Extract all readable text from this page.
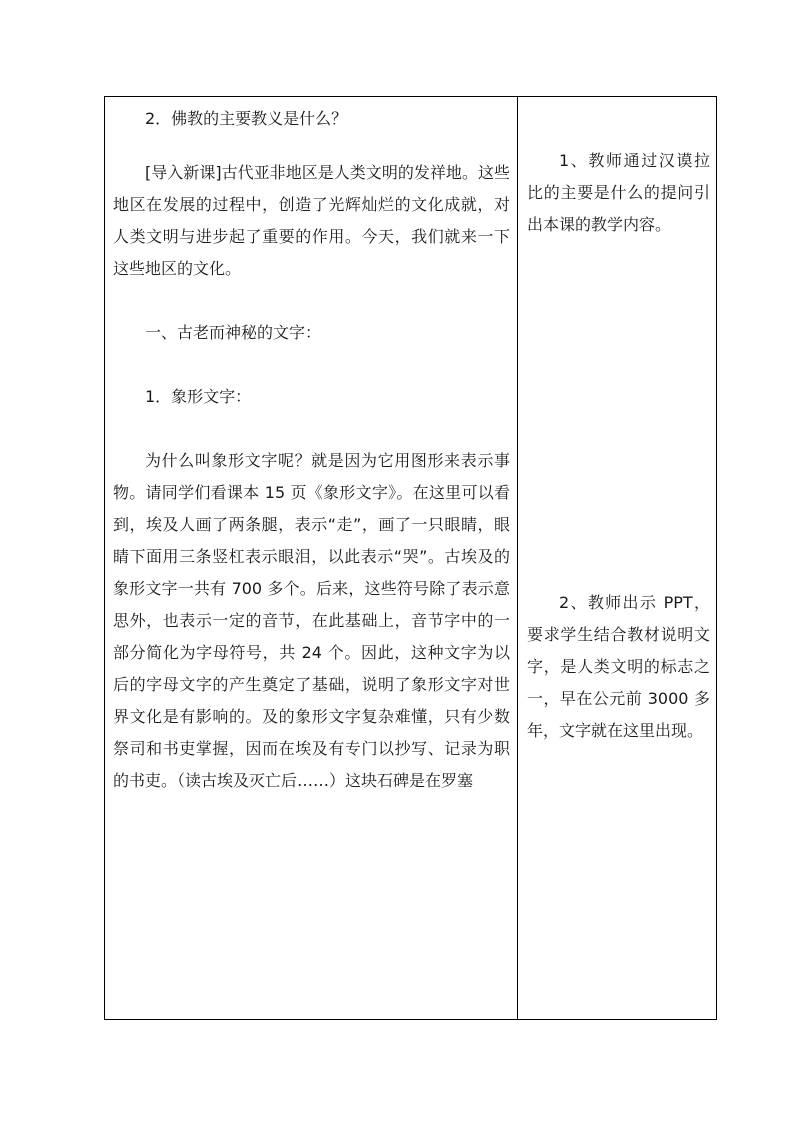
2．佛教的主要教义是什么？

[导入新课]古代亚非地区是人类文明的发祥地。这些地区在发展的过程中，创造了光辉灿烂的文化成就，对人类文明与进步起了重要的作用。今天，我们就来一下这些地区的文化。

一、古老而神秘的文字：

1．象形文字：

为什么叫象形文字呢？就是因为它用图形来表示事物。请同学们看课本 15 页《象形文字》。在这里可以看到，埃及人画了两条腿，表示“走”，画了一只眼睛，眼睛下面用三条竖杠表示眼泪，以此表示“哭”。古埃及的象形文字一共有 700 多个。后来，这些符号除了表示意思外，也表示一定的音节，在此基础上，音节字中的一部分简化为字母符号，共 24 个。因此，这种文字为以后的字母文字的产生奠定了基础，说明了象形文字对世界文化是有影响的。及的象形文字复杂难懂，只有少数祭司和书吏掌握，因而在埃及有专门以抄写、记录为职的书吏。（读古埃及灭亡后……）这块石碑是在罗塞

1、教师通过汉谟拉比的主要是什么的提问引出本课的教学内容。

2、教师出示 PPT，要求学生结合教材说明文字，是人类文明的标志之一，早在公元前 3000 多年，文字就在这里出现。
